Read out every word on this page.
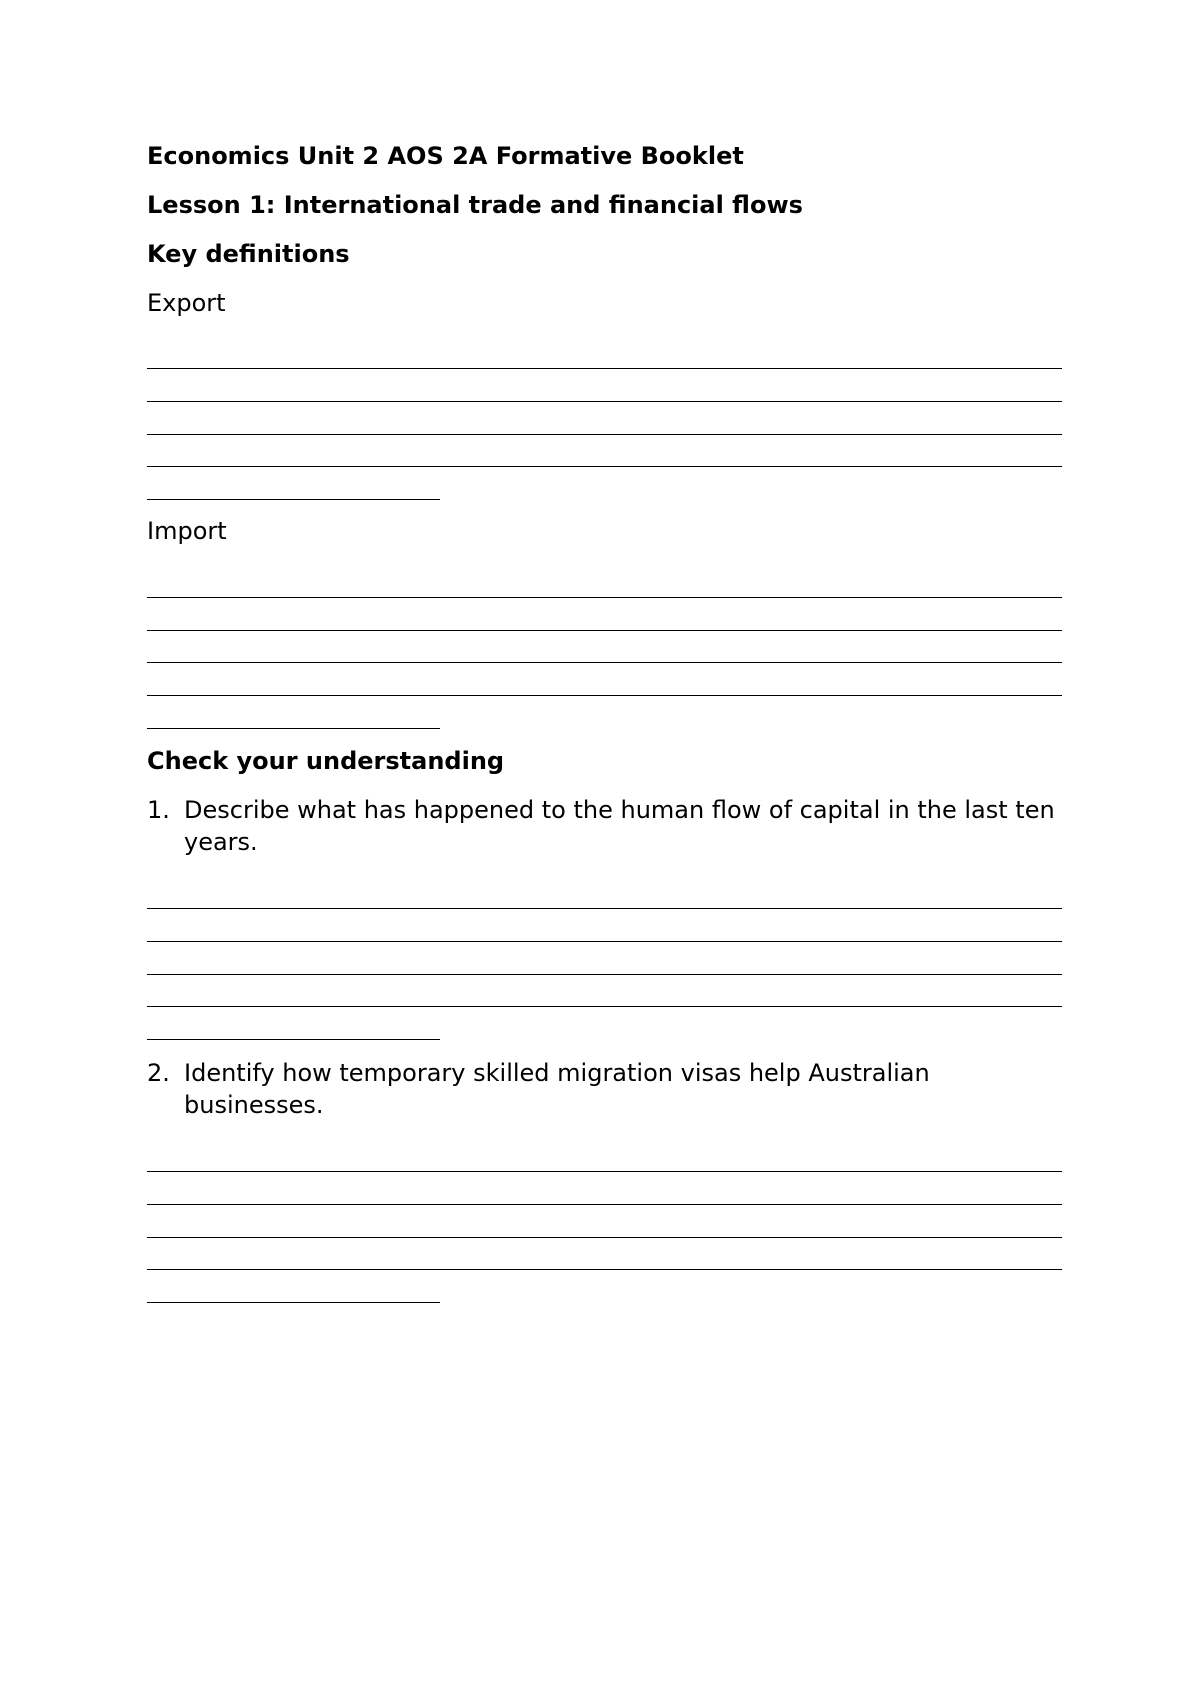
Economics Unit 2 AOS 2A Formative Booklet

Lesson 1: International trade and financial flows

Key definitions

Export

Import

Check your understanding

1. Describe what has happened to the human flow of capital in the last ten years.
2. Identify how temporary skilled migration visas help Australian businesses.
